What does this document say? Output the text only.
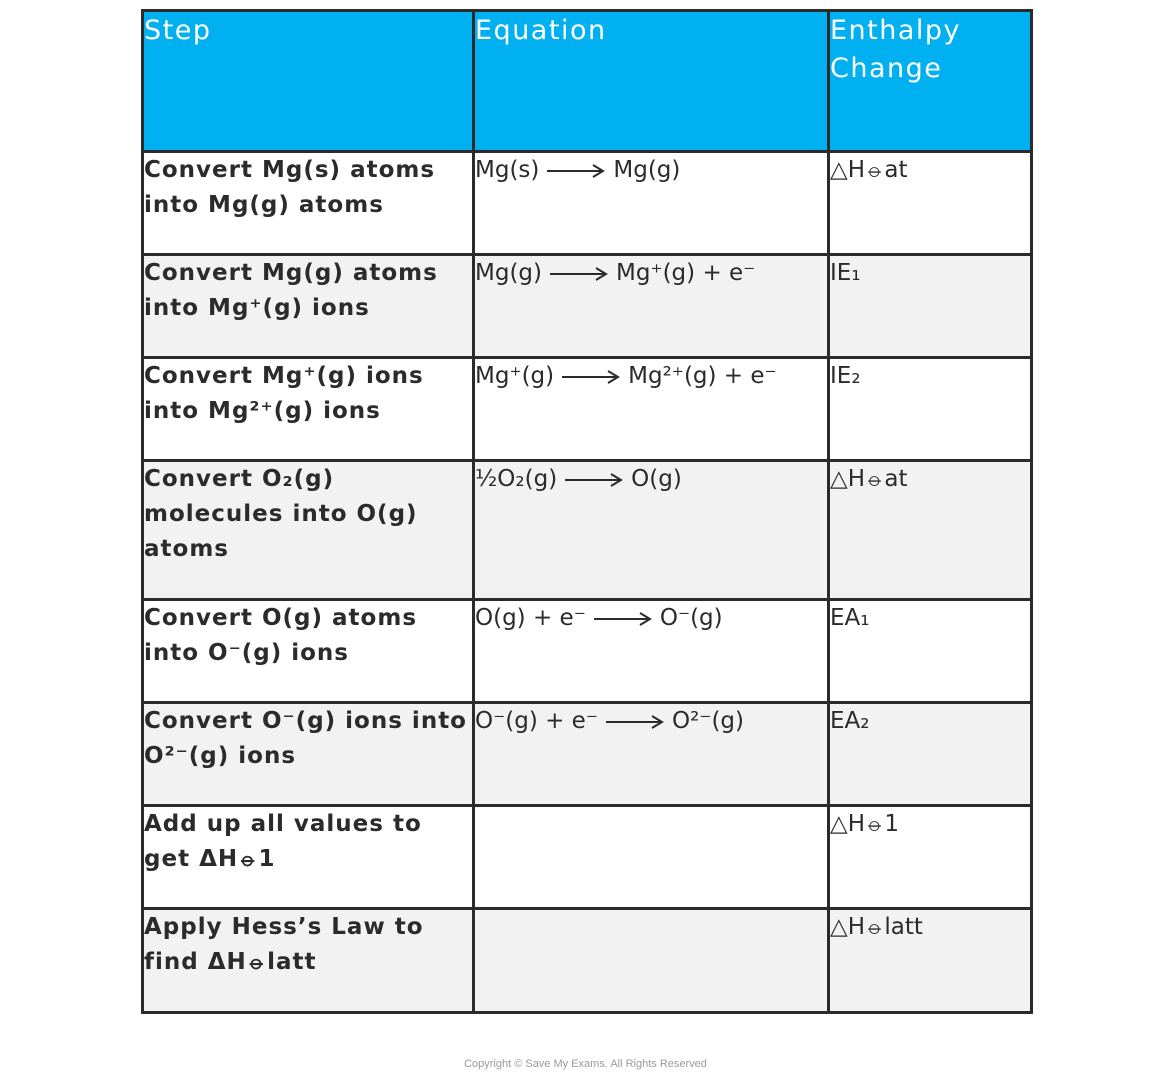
Step	Equation	Enthalpy Change
Convert Mg(s) atoms into Mg(g) atoms	Mg(s) → Mg(g)	△H⦵at
Convert Mg(g) atoms into Mg⁺(g) ions	Mg(g) → Mg⁺(g) + e⁻	IE₁
Convert Mg⁺(g) ions into Mg²⁺(g) ions	Mg⁺(g) → Mg²⁺(g) + e⁻	IE₂
Convert O₂(g) molecules into O(g) atoms	½O₂(g) → O(g)	△H⦵at
Convert O(g) atoms into O⁻(g) ions	O(g) + e⁻ → O⁻(g)	EA₁
Convert O⁻(g) ions into O²⁻(g) ions	O⁻(g) + e⁻ → O²⁻(g)	EA₂
Add up all values to get ΔH⦵1		△H⦵1
Apply Hess’s Law to find ΔH⦵latt		△H⦵latt
Copyright © Save My Exams. All Rights Reserved
